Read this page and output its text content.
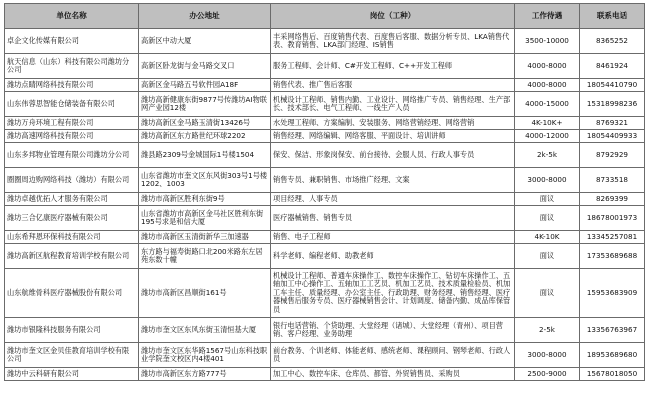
单位名称	办公地址	岗位（工种）	工作待遇	联系电话
卓企文化传媒有限公司	高新区中动大厦	丰采网络售后、百度销售代表、百度售后客服、数据分析专员、LKA销售代表、教育销售、LKA部门经理、IS销售	3500-10000	8365252
航天信息（山东）科技有限公司潍坊分公司	高新区卧龙街与金马路交叉口	服务工程师、会计师、C#开发工程师、C++开发工程师	4000-8000	8461924
潍坊点睛网络科技有限公司	高新区金马路五号软件园A18F	销售代表、推广售后客服	4000-8000	18054410790
山东伟蓉思智能仓储装备有限公司	潍坊高新健康东街9877号传潍坊AI物联网产业园12楼	机械设计工程师、销售内勤、工业设计、网络推广专员、销售经理、生产部长、技术部长、电气工程师、一线生产人员	4000-15000	15318998236
潍坊万舟环境工程有限公司	潍坊高新区金马路玉清街13426号	水处理工程师、方案编制、安装服务、网络营销经理、网络营销	4K-10K+	8769321
潍坊高速网络科技有限公司	潍坊高新区东方路世纪环球2202	销售经理、网络编辑、网络客服、平面设计、培训讲师	4000-12000	18054409933
山东多邦物业管理有限公司潍坊分公司	潍县路2309号金城国际1号楼1504	保安、保洁、形象岗保安、前台接待、会服人员、行政人事专员	2k-5k	8792929
圈圈周边购网络科技（潍坊）有限公司	山东省潍坊市奎文区东风街303号1号楼1202、1003	销售专员、兼职销售、市场推广经理、文案	3000-8000	8733518
潍坊卓越优拓人才服务有限公司	潍坊市高新区胜利东街9号	项目经理、人事专员	面议	8269399
潍坊三合亿康医疗器械有限公司	山东省潍坊市高新区金马社区胜利东街195号求是和信大厦	医疗器械销售、销售专员	面议	18678001973
山东希拜恩环保科技有限公司	潍坊市高新区玉清街新华三加速器	销售、电子工程师	4K-10K	13345257081
潍坊高新区航程教育培训学校有限公司	东方路与福寿街路口北200米路东左居苑东数十幢	科学老师、编程老师、助教老师	面议	17353689688
山东航维骨科医疗器械股份有限公司	潍坊市高新区昌顺街161号	机械设计工程师、普通车床操作工、数控车床操作工、钻切车床操作工、五轴加工中心操作工、五轴加工工艺员、机加工艺员、技术质量检验员、机加工车主任、质量经理、办公室主任、行政助理、财务经理、销售经理、医疗器械售后服务专员、医疗器械销售会计、计划调度、储备内勤、成品库保管员	面议	15953683909
潍坊市银隆科技服务有限公司	潍坊市奎文区东风东街玉清恒基大厦	银行电话营销、个贷助理、大堂经理（诸城）、大堂经理（青州）、项目营销、客户经理、业务助理	2-5k	13356763967
潍坊市奎文区金贝佳教育培训学校有限公司	潍坊市奎文区东华路1567号山东科技职业学院奎文校区内4楼401	前台教务、个训老师、体能老师、感统老师、课程顾问、钢琴老师、行政人员	3000-8000	18953689680
潍坊中云科研有限公司	潍坊市高新区东方路777号	加工中心、数控车床、仓库员、都管、外贸销售员、采购员	2500-9000	15678018050
